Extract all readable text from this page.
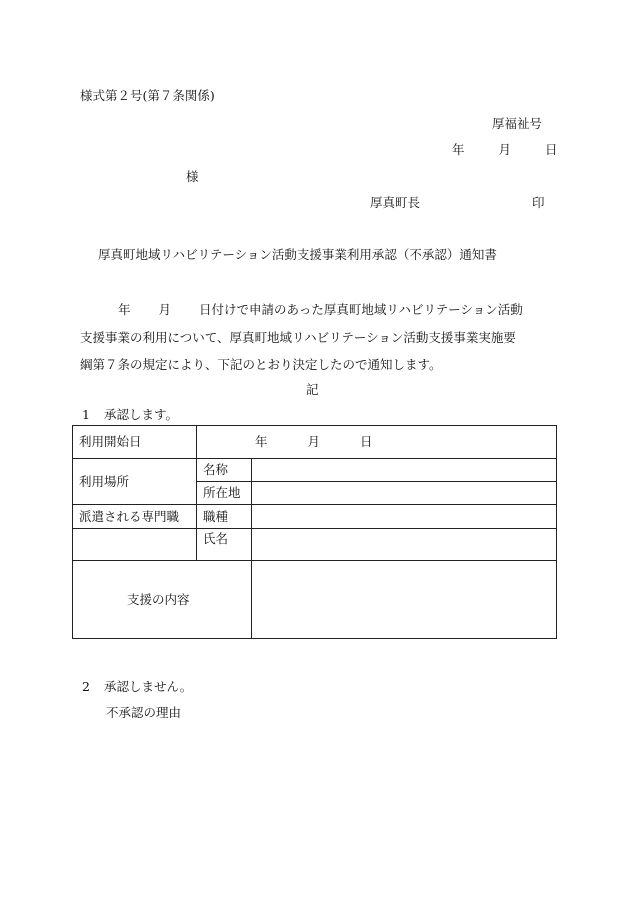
様式第２号(第７条関係)
厚福祉号
年	月	日
様
厚真町長	印
厚真町地域リハビリテーション活動支援事業利用承認（不承認）通知書
年 月 日付けで申請のあった厚真町地域リハビリテーション活動
支援事業の利用について、厚真町地域リハビリテーション活動支援事業実施要
綱第７条の規定により、下記のとおり決定したので通知します。
記
1 承認します。
利用開始日	年 月 日	
利用場所	名称	
	所在地	
派遣される専門職	職種	
	氏名	
支援の内容		
2 承認しません。
不承認の理由
